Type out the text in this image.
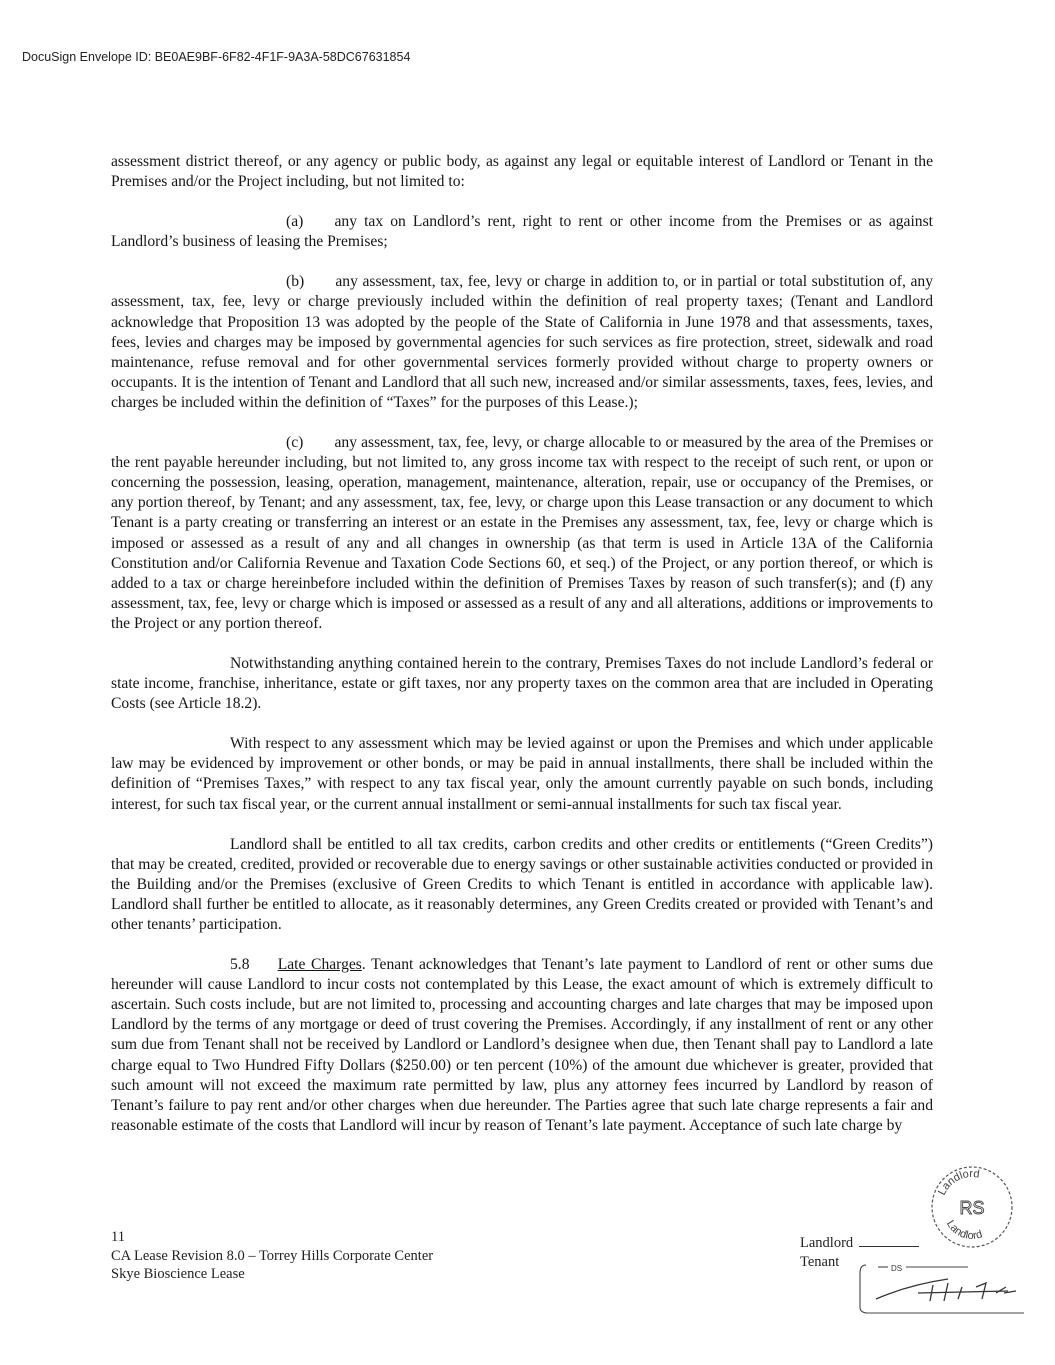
DocuSign Envelope ID: BE0AE9BF-6F82-4F1F-9A3A-58DC67631854

assessment district thereof, or any agency or public body, as against any legal or equitable interest of Landlord or Tenant in the Premises and/or the Project including, but not limited to:

(a)  any tax on Landlord’s rent, right to rent or other income from the Premises or as against Landlord’s business of leasing the Premises;

(b)  any assessment, tax, fee, levy or charge in addition to, or in partial or total substitution of, any assessment, tax, fee, levy or charge previously included within the definition of real property taxes; (Tenant and Landlord acknowledge that Proposition 13 was adopted by the people of the State of California in June 1978 and that assessments, taxes, fees, levies and charges may be imposed by governmental agencies for such services as fire protection, street, sidewalk and road maintenance, refuse removal and for other governmental services formerly provided without charge to property owners or occupants. It is the intention of Tenant and Landlord that all such new, increased and/or similar assessments, taxes, fees, levies, and charges be included within the definition of “Taxes” for the purposes of this Lease.);

(c)  any assessment, tax, fee, levy, or charge allocable to or measured by the area of the Premises or the rent payable hereunder including, but not limited to, any gross income tax with respect to the receipt of such rent, or upon or concerning the possession, leasing, operation, management, maintenance, alteration, repair, use or occupancy of the Premises, or any portion thereof, by Tenant; and any assessment, tax, fee, levy, or charge upon this Lease transaction or any document to which Tenant is a party creating or transferring an interest or an estate in the Premises any assessment, tax, fee, levy or charge which is imposed or assessed as a result of any and all changes in ownership (as that term is used in Article 13A of the California Constitution and/or California Revenue and Taxation Code Sections 60, et seq.) of the Project, or any portion thereof, or which is added to a tax or charge hereinbefore included within the definition of Premises Taxes by reason of such transfer(s); and (f) any assessment, tax, fee, levy or charge which is imposed or assessed as a result of any and all alterations, additions or improvements to the Project or any portion thereof.

Notwithstanding anything contained herein to the contrary, Premises Taxes do not include Landlord’s federal or state income, franchise, inheritance, estate or gift taxes, nor any property taxes on the common area that are included in Operating Costs (see Article 18.2).

With respect to any assessment which may be levied against or upon the Premises and which under applicable law may be evidenced by improvement or other bonds, or may be paid in annual installments, there shall be included within the definition of “Premises Taxes,” with respect to any tax fiscal year, only the amount currently payable on such bonds, including interest, for such tax fiscal year, or the current annual installment or semi-annual installments for such tax fiscal year.

Landlord shall be entitled to all tax credits, carbon credits and other credits or entitlements (“Green Credits”) that may be created, credited, provided or recoverable due to energy savings or other sustainable activities conducted or provided in the Building and/or the Premises (exclusive of Green Credits to which Tenant is entitled in accordance with applicable law). Landlord shall further be entitled to allocate, as it reasonably determines, any Green Credits created or provided with Tenant’s and other tenants’ participation.

5.8 Late Charges. Tenant acknowledges that Tenant’s late payment to Landlord of rent or other sums due hereunder will cause Landlord to incur costs not contemplated by this Lease, the exact amount of which is extremely difficult to ascertain. Such costs include, but are not limited to, processing and accounting charges and late charges that may be imposed upon Landlord by the terms of any mortgage or deed of trust covering the Premises. Accordingly, if any installment of rent or any other sum due from Tenant shall not be received by Landlord or Landlord’s designee when due, then Tenant shall pay to Landlord a late charge equal to Two Hundred Fifty Dollars ($250.00) or ten percent (10%) of the amount due whichever is greater, provided that such amount will not exceed the maximum rate permitted by law, plus any attorney fees incurred by Landlord by reason of Tenant’s failure to pay rent and/or other charges when due hereunder. The Parties agree that such late charge represents a fair and reasonable estimate of the costs that Landlord will incur by reason of Tenant’s late payment. Acceptance of such late charge by

11
CA Lease Revision 8.0 – Torrey Hills Corporate Center
Skye Bioscience Lease
Landlord
Tenant
Landlord
RS
Landlord
DS
